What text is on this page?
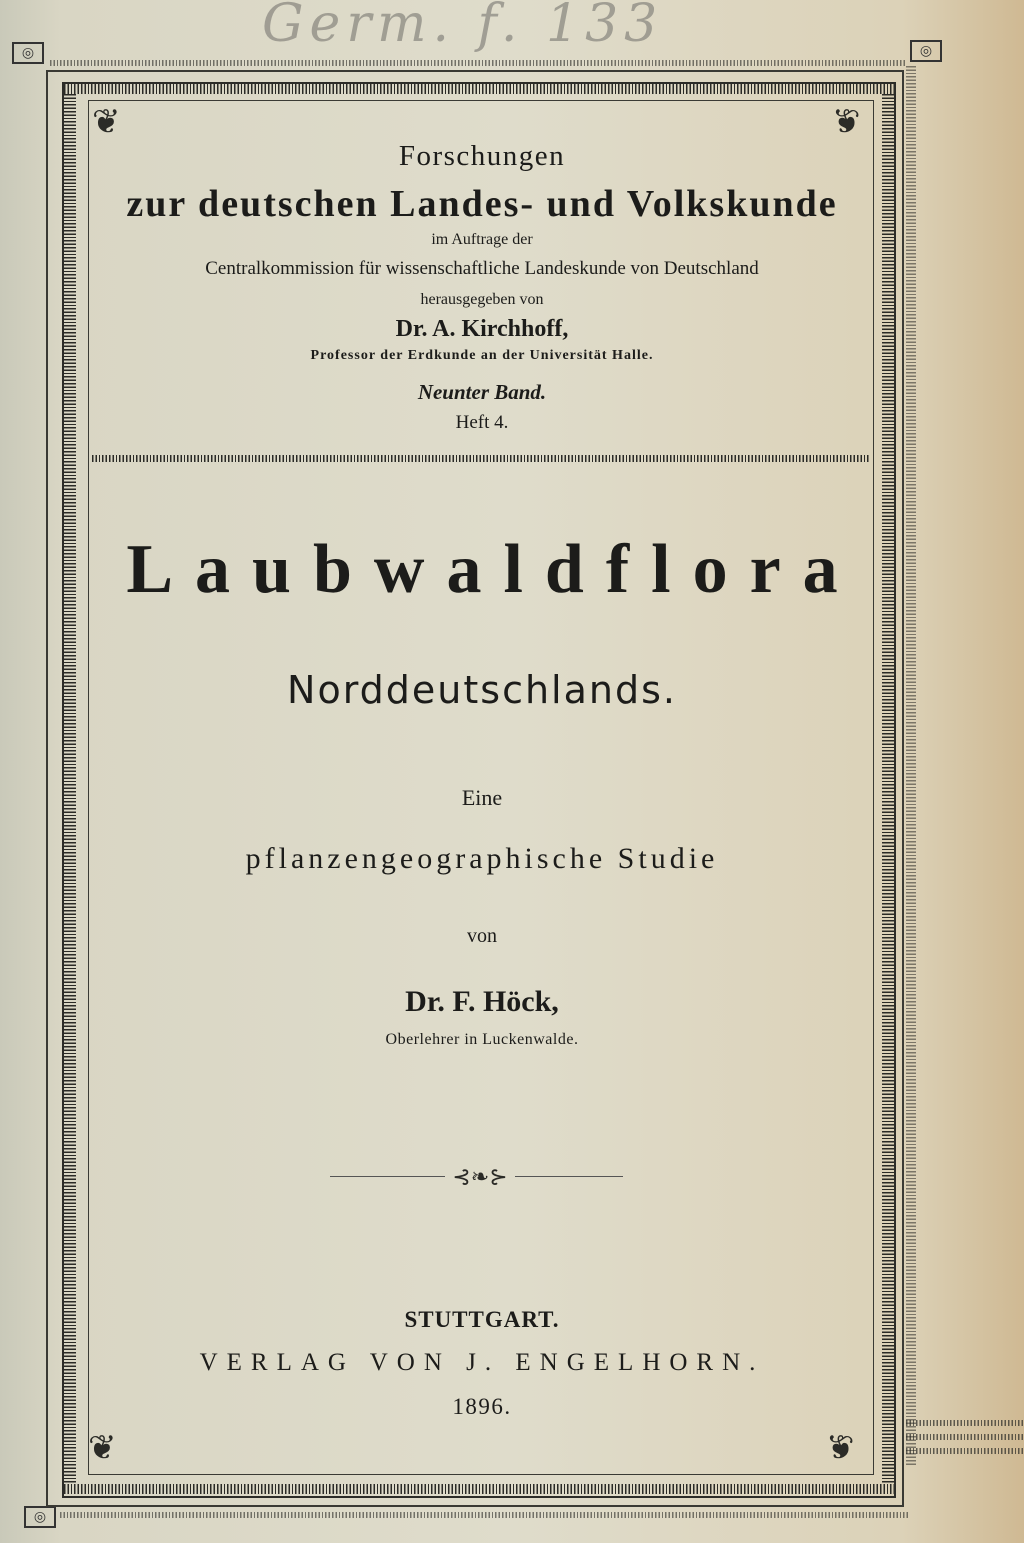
Germ. f. 133
◎	◎
◎
❦	❦
❦	❦
Forschungen
zur deutschen Landes- und Volkskunde
im Auftrage der
Centralkommission für wissenschaftliche Landeskunde von Deutschland
herausgegeben von
Dr. A. Kirchhoff,
Professor der Erdkunde an der Universität Halle.
Neunter Band.
Heft 4.
Laubwaldflora
Norddeutschlands.
Eine
pflanzengeographische Studie
von
Dr. F. Höck,
Oberlehrer in Luckenwalde.
⊰❧⊱
STUTTGART.
VERLAG VON J. ENGELHORN.
1896.
